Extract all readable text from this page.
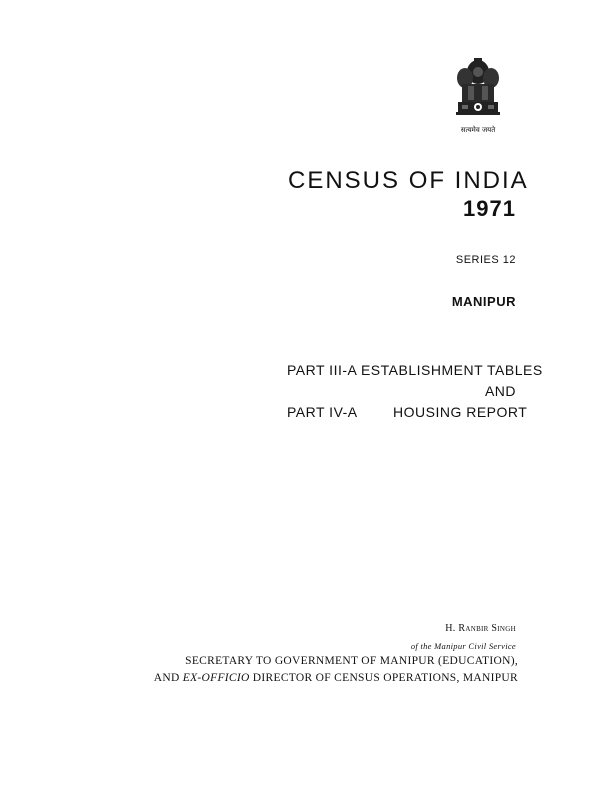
सत्यमेव जयते
CENSUS OF INDIA
1971
SERIES 12
MANIPUR
PART III-A ESTABLISHMENT TABLES
AND
PART IV-A	HOUSING REPORT
H. Ranbir Singh
of the Manipur Civil Service
SECRETARY TO GOVERNMENT OF MANIPUR (EDUCATION),
AND EX-OFFICIO DIRECTOR OF CENSUS OPERATIONS, MANIPUR
